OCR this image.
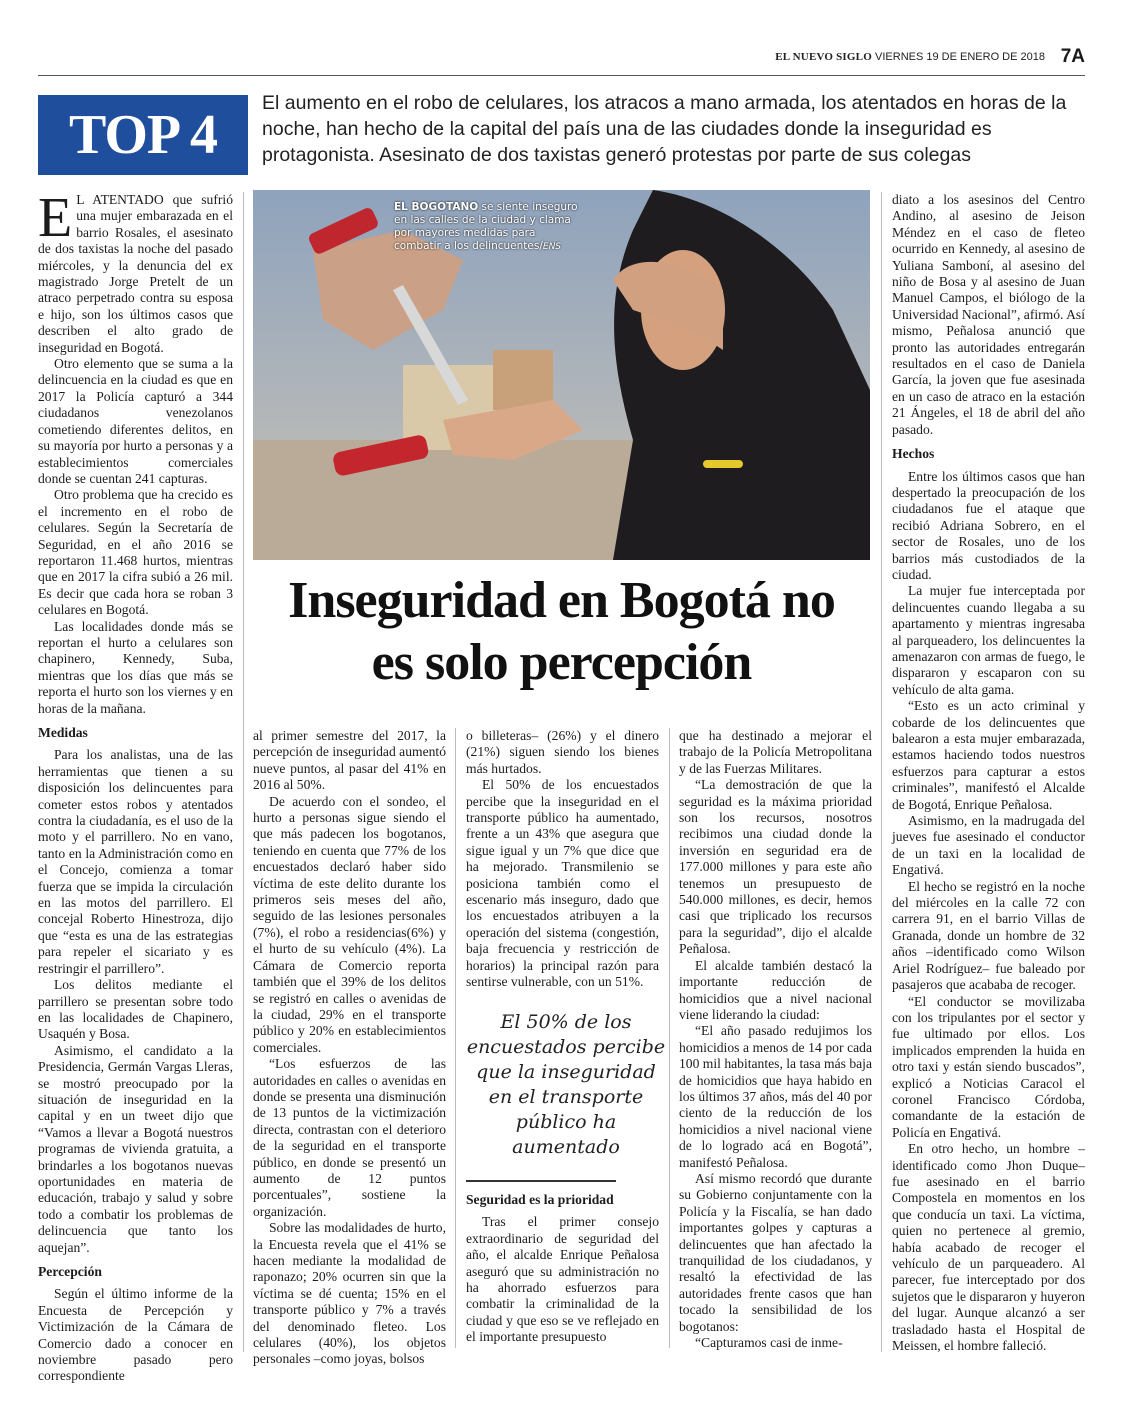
EL NUEVO SIGLO VIERNES 19 DE ENERO DE 2018 7A
TOP 4
El aumento en el robo de celulares, los atracos a mano armada, los atentados en horas de la noche, han hecho de la capital del país una de las ciudades donde la inseguridad es protagonista. Asesinato de dos taxistas generó protestas por parte de sus colegas

E L ATENTADO que sufrió una mujer embarazada en el barrio Rosales, el asesinato de dos taxistas la noche del pasado miércoles, y la denuncia del ex magistrado Jorge Pretelt de un atraco perpetrado contra su esposa e hijo, son los últimos casos que describen el alto grado de inseguridad en Bogotá.

Otro elemento que se suma a la delincuencia en la ciudad es que en 2017 la Policía capturó a 344 ciudadanos venezolanos cometiendo diferentes delitos, en su mayoría por hurto a personas y a establecimientos comerciales donde se cuentan 241 capturas.

Otro problema que ha crecido es el incremento en el robo de celulares. Según la Secretaría de Seguridad, en el año 2016 se reportaron 11.468 hurtos, mientras que en 2017 la cifra subió a 26 mil. Es decir que cada hora se roban 3 celulares en Bogotá.

Las localidades donde más se reportan el hurto a celulares son chapinero, Kennedy, Suba, mientras que los días que más se reporta el hurto son los viernes y en horas de la mañana.

Medidas

Para los analistas, una de las herramientas que tienen a su disposición los delincuentes para cometer estos robos y atentados contra la ciudadanía, es el uso de la moto y el parrillero. No en vano, tanto en la Administración como en el Concejo, comienza a tomar fuerza que se impida la circulación en las motos del parrillero. El concejal Roberto Hinestroza, dijo que “esta es una de las estrategias para repeler el sicariato y es restringir el parrillero”.

Los delitos mediante el parrillero se presentan sobre todo en las localidades de Chapinero, Usaquén y Bosa.

Asimismo, el candidato a la Presidencia, Germán Vargas Lleras, se mostró preocupado por la situación de inseguridad en la capital y en un tweet dijo que “Vamos a llevar a Bogotá nuestros programas de vivienda gratuita, a brindarles a los bogotanos nuevas oportunidades en materia de educación, trabajo y salud y sobre todo a combatir los problemas de delincuencia que tanto los aquejan”.

Percepción

Según el último informe de la Encuesta de Percepción y Victimización de la Cámara de Comercio dado a conocer en noviembre pasado pero correspondiente

EL BOGOTANO se siente inseguro en las calles de la ciudad y clama por mayores medidas para combatir a los delincuentes/ENS
Inseguridad en Bogotá no
es solo percepción

al primer semestre del 2017, la percepción de inseguridad aumentó nueve puntos, al pasar del 41% en 2016 al 50%.

De acuerdo con el sondeo, el hurto a personas sigue siendo el que más padecen los bogotanos, teniendo en cuenta que 77% de los encuestados declaró haber sido víctima de este delito durante los primeros seis meses del año, seguido de las lesiones personales (7%), el robo a residencias(6%) y el hurto de su vehículo (4%). La Cámara de Comercio reporta también que el 39% de los delitos se registró en calles o avenidas de la ciudad, 29% en el transporte público y 20% en establecimientos comerciales.

“Los esfuerzos de las autoridades en calles o avenidas en donde se presenta una disminución de 13 puntos de la victimización directa, contrastan con el deterioro de la seguridad en el transporte público, en donde se presentó un aumento de 12 puntos porcentuales”, sostiene la organización.

Sobre las modalidades de hurto, la Encuesta revela que el 41% se hacen mediante la modalidad de raponazo; 20% ocurren sin que la víctima se dé cuenta; 15% en el transporte público y 7% a través del denominado fleteo. Los celulares (40%), los objetos personales –como joyas, bolsos

o billeteras– (26%) y el dinero (21%) siguen siendo los bienes más hurtados.

El 50% de los encuestados percibe que la inseguridad en el transporte público ha aumentado, frente a un 43% que asegura que sigue igual y un 7% que dice que ha mejorado. Transmilenio se posiciona también como el escenario más inseguro, dado que los encuestados atribuyen a la operación del sistema (congestión, baja frecuencia y restricción de horarios) la principal razón para sentirse vulnerable, con un 51%.

El 50% de los encuestados percibe que la inseguridad en el transporte público ha aumentado
Seguridad es la prioridad

Tras el primer consejo extraordinario de seguridad del año, el alcalde Enrique Peñalosa aseguró que su administración no ha ahorrado esfuerzos para combatir la criminalidad de la ciudad y que eso se ve reflejado en el importante presupuesto

que ha destinado a mejorar el trabajo de la Policía Metropolitana y de las Fuerzas Militares.

“La demostración de que la seguridad es la máxima prioridad son los recursos, nosotros recibimos una ciudad donde la inversión en seguridad era de 177.000 millones y para este año tenemos un presupuesto de 540.000 millones, es decir, hemos casi que triplicado los recursos para la seguridad”, dijo el alcalde Peñalosa.

El alcalde también destacó la importante reducción de homicidios que a nivel nacional viene liderando la ciudad:

“El año pasado redujimos los homicidios a menos de 14 por cada 100 mil habitantes, la tasa más baja de homicidios que haya habido en los últimos 37 años, más del 40 por ciento de la reducción de los homicidios a nivel nacional viene de lo logrado acá en Bogotá”, manifestó Peñalosa.

Así mismo recordó que durante su Gobierno conjuntamente con la Policía y la Fiscalía, se han dado importantes golpes y capturas a delincuentes que han afectado la tranquilidad de los ciudadanos, y resaltó la efectividad de las autoridades frente casos que han tocado la sensibilidad de los bogotanos:

“Capturamos casi de inme-

diato a los asesinos del Centro Andino, al asesino de Jeison Méndez en el caso de fleteo ocurrido en Kennedy, al asesino de Yuliana Samboní, al asesino del niño de Bosa y al asesino de Juan Manuel Campos, el biólogo de la Universidad Nacional”, afirmó. Así mismo, Peñalosa anunció que pronto las autoridades entregarán resultados en el caso de Daniela García, la joven que fue asesinada en un caso de atraco en la estación 21 Ángeles, el 18 de abril del año pasado.

Hechos

Entre los últimos casos que han despertado la preocupación de los ciudadanos fue el ataque que recibió Adriana Sobrero, en el sector de Rosales, uno de los barrios más custodiados de la ciudad.

La mujer fue interceptada por delincuentes cuando llegaba a su apartamento y mientras ingresaba al parqueadero, los delincuentes la amenazaron con armas de fuego, le dispararon y escaparon con su vehículo de alta gama.

“Esto es un acto criminal y cobarde de los delincuentes que balearon a esta mujer embarazada, estamos haciendo todos nuestros esfuerzos para capturar a estos criminales”, manifestó el Alcalde de Bogotá, Enrique Peñalosa.

Asimismo, en la madrugada del jueves fue asesinado el conductor de un taxi en la localidad de Engativá.

El hecho se registró en la noche del miércoles en la calle 72 con carrera 91, en el barrio Villas de Granada, donde un hombre de 32 años –identificado como Wilson Ariel Rodríguez– fue baleado por pasajeros que acababa de recoger.

“El conductor se movilizaba con los tripulantes por el sector y fue ultimado por ellos. Los implicados emprenden la huida en otro taxi y están siendo buscados”, explicó a Noticias Caracol el coronel Francisco Córdoba, comandante de la estación de Policía en Engativá.

En otro hecho, un hombre –identificado como Jhon Duque– fue asesinado en el barrio Compostela en momentos en los que conducía un taxi. La víctima, quien no pertenece al gremio, había acabado de recoger el vehículo de un parqueadero. Al parecer, fue interceptado por dos sujetos que le dispararon y huyeron del lugar. Aunque alcanzó a ser trasladado hasta el Hospital de Meissen, el hombre falleció.
